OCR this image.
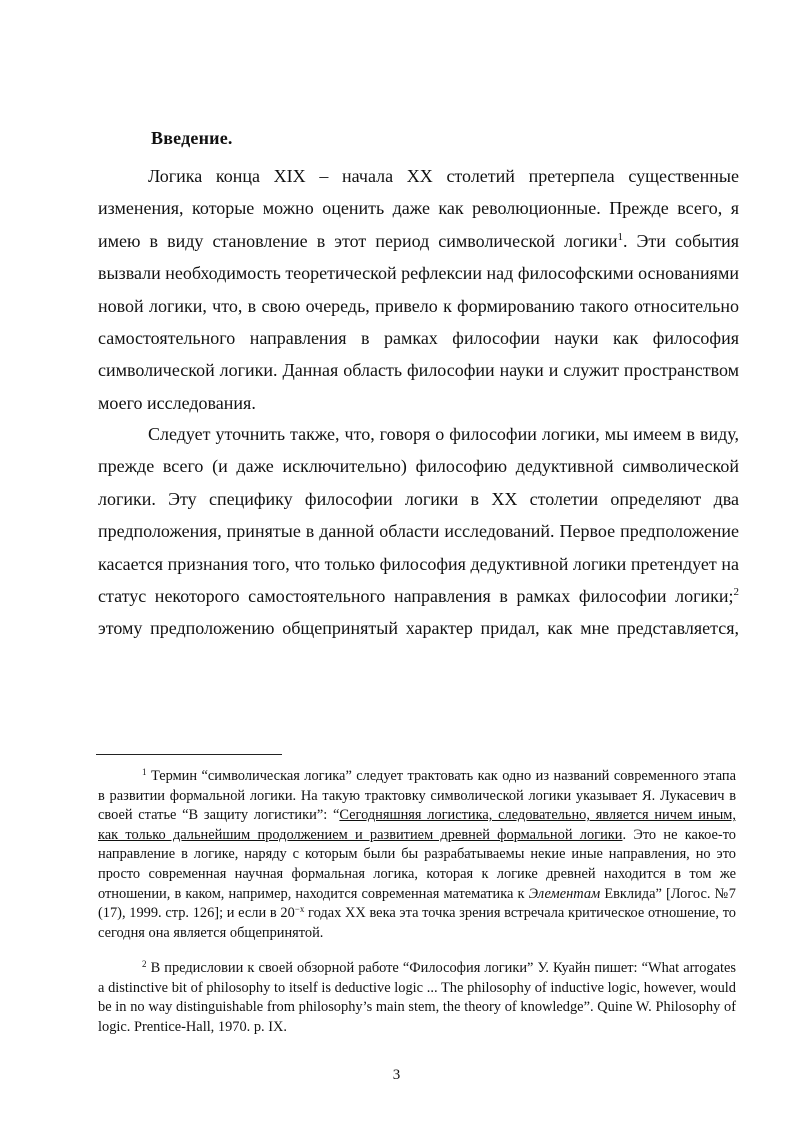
Введение.

Логика конца XIX – начала XX столетий претерпела существенные изменения, которые можно оценить даже как революционные. Прежде всего, я имею в виду становление в этот период символической логики$^1$. Эти события вызвали необходимость теоретической рефлексии над философскими основаниями новой логики, что, в свою очередь, привело к формированию такого относительно самостоятельного направления в рамках философии науки как философия символической логики. Данная область философии науки и служит пространством моего исследования.

Следует уточнить также, что, говоря о философии логики, мы имеем в виду, прежде всего (и даже исключительно) философию дедуктивной символической логики. Эту специфику философии логики в XX столетии определяют два предположения, принятые в данной области исследований. Первое предположение касается признания того, что только философия дедуктивной логики претендует на статус некоторого самостоятельного направления в рамках философии логики;$^2$ этому предположению общепринятый характер придал, как мне представляется,

$^1$ Термин “символическая логика” следует трактовать как одно из названий современного этапа в развитии формальной логики. На такую трактовку символической логики указывает Я. Лукасевич в своей статье “В защиту логистики”: “Сегодняшняя логистика, следовательно, является ничем иным, как только дальнейшим продолжением и развитием древней формальной логики. Это не какое-то направление в логике, наряду с которым были бы разрабатываемы некие иные направления, но это просто современная научная формальная логика, которая к логике древней находится в том же отношении, в каком, например, находится современная математика к Элементам Евклида” [Логос. №7 (17), 1999. стр. 126]; и если в $20^{-х}$ годах XX века эта точка зрения встречала критическое отношение, то сегодня она является общепринятой.

$^2$ В предисловии к своей обзорной работе “Философия логики” У. Куайн пишет: “What arrogates a distinctive bit of philosophy to itself is deductive logic ... The philosophy of inductive logic, however, would be in no way distinguishable from philosophy’s main stem, the theory of knowledge”. Quine W. Philosophy of logic. Prentice-Hall, 1970. p. IX.

3
